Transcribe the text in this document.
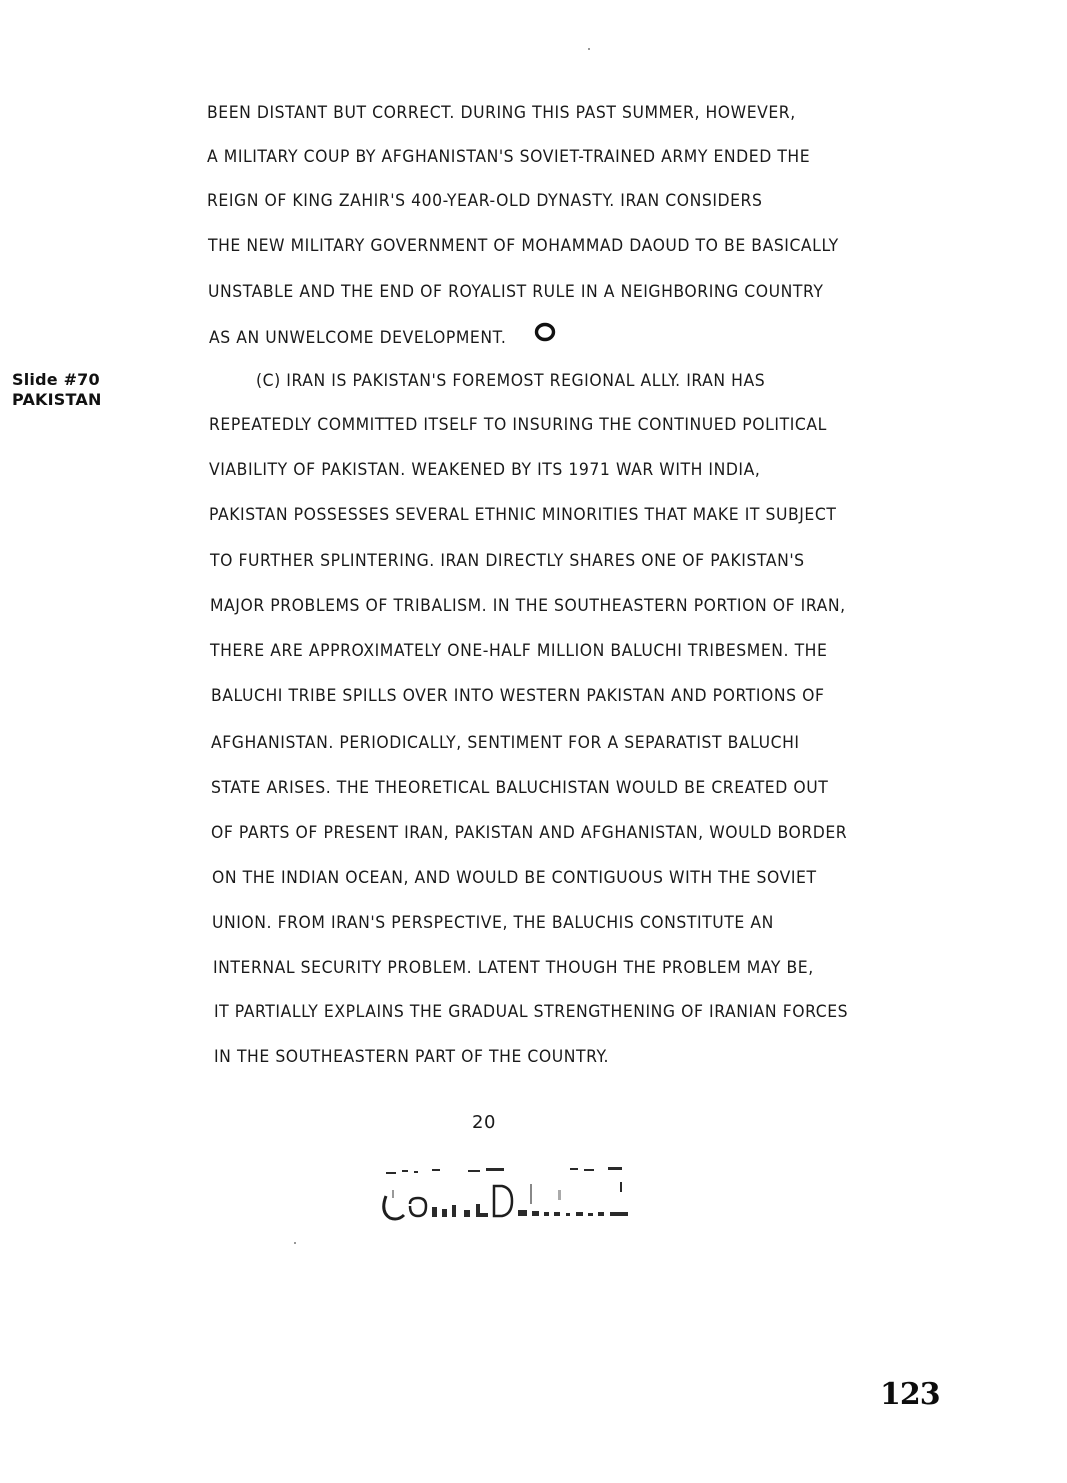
BEEN DISTANT BUT CORRECT. DURING THIS PAST SUMMER, HOWEVER,
A MILITARY COUP BY AFGHANISTAN'S SOVIET-TRAINED ARMY ENDED THE
REIGN OF KING ZAHIR'S 400-YEAR-OLD DYNASTY. IRAN CONSIDERS
THE NEW MILITARY GOVERNMENT OF MOHAMMAD DAOUD TO BE BASICALLY
UNSTABLE AND THE END OF ROYALIST RULE IN A NEIGHBORING COUNTRY
AS AN UNWELCOME DEVELOPMENT.
Slide #70
PAKISTAN
(C) IRAN IS PAKISTAN'S FOREMOST REGIONAL ALLY. IRAN HAS
REPEATEDLY COMMITTED ITSELF TO INSURING THE CONTINUED POLITICAL
VIABILITY OF PAKISTAN. WEAKENED BY ITS 1971 WAR WITH INDIA,
PAKISTAN POSSESSES SEVERAL ETHNIC MINORITIES THAT MAKE IT SUBJECT
TO FURTHER SPLINTERING. IRAN DIRECTLY SHARES ONE OF PAKISTAN'S
MAJOR PROBLEMS OF TRIBALISM. IN THE SOUTHEASTERN PORTION OF IRAN,
THERE ARE APPROXIMATELY ONE-HALF MILLION BALUCHI TRIBESMEN. THE
BALUCHI TRIBE SPILLS OVER INTO WESTERN PAKISTAN AND PORTIONS OF
AFGHANISTAN. PERIODICALLY, SENTIMENT FOR A SEPARATIST BALUCHI
STATE ARISES. THE THEORETICAL BALUCHISTAN WOULD BE CREATED OUT
OF PARTS OF PRESENT IRAN, PAKISTAN AND AFGHANISTAN, WOULD BORDER
ON THE INDIAN OCEAN, AND WOULD BE CONTIGUOUS WITH THE SOVIET
UNION. FROM IRAN'S PERSPECTIVE, THE BALUCHIS CONSTITUTE AN
INTERNAL SECURITY PROBLEM. LATENT THOUGH THE PROBLEM MAY BE,
IT PARTIALLY EXPLAINS THE GRADUAL STRENGTHENING OF IRANIAN FORCES
IN THE SOUTHEASTERN PART OF THE COUNTRY.
20
123
